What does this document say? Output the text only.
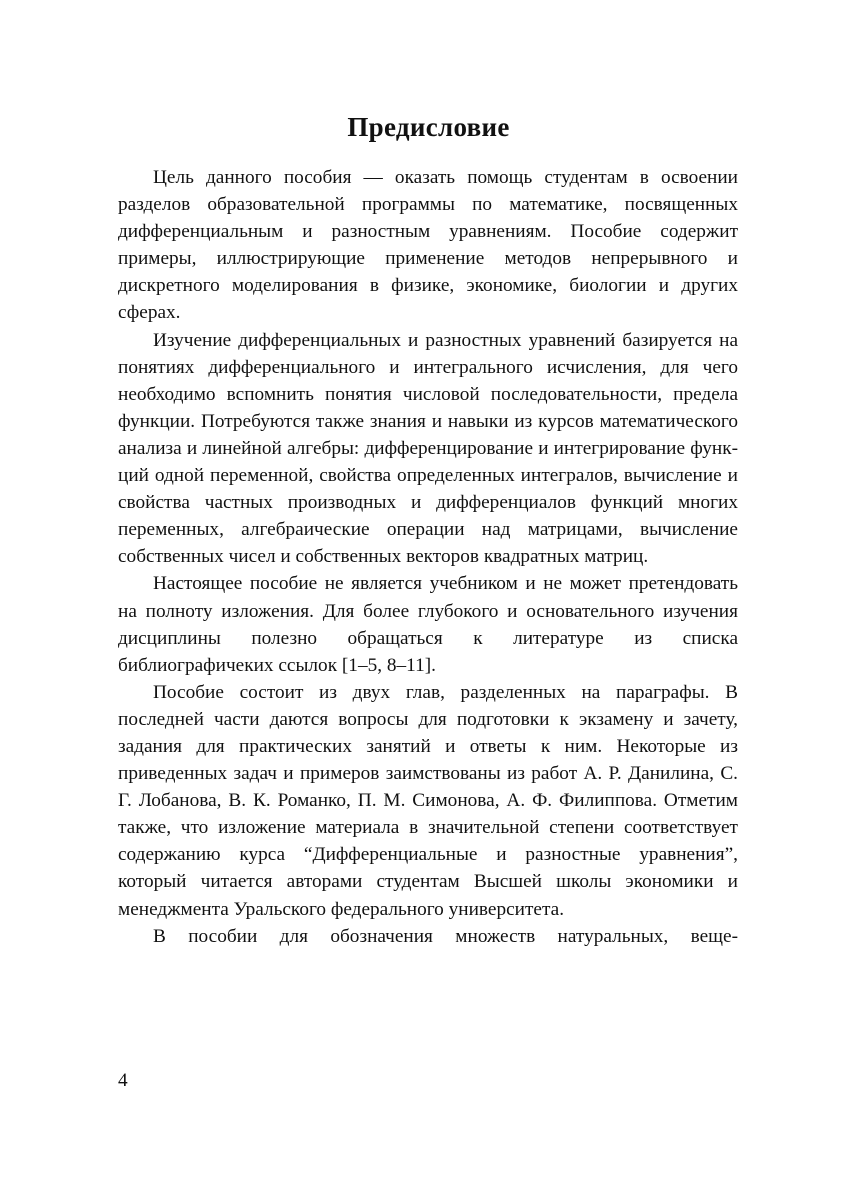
Предисловие

Цель данного пособия — оказать помощь студентам в освоении разделов образовательной программы по математике, посвященных дифференциальным и разностным уравнениям. Пособие содержит примеры, иллюстрирующие применение методов непрерывного и дискретного моделирования в физике, экономике, биологии и других сферах.

Изучение дифференциальных и разностных уравнений базируется на понятиях дифференциального и интегрального исчисления, для чего необходимо вспомнить понятия числовой последовательности, предела функции. Потребуются также знания и навыки из курсов математического анализа и линейной алгебры: дифференцирование и интегрирование функций одной переменной, свойства определенных интегралов, вычисление и свойства частных производных и дифференциалов функций многих переменных, алгебраические операции над матрицами, вычисление собственных чисел и собственных векторов квадратных матриц.

Настоящее пособие не является учебником и не может претендовать на полноту изложения. Для более глубокого и основательного изучения дисциплины полезно обращаться к литературе из списка библиографичеких ссылок [1–5, 8–11].

Пособие состоит из двух глав, разделенных на параграфы. В последней части даются вопросы для подготовки к экзамену и зачету, задания для практических занятий и ответы к ним. Некоторые из приведенных задач и примеров заимствованы из работ А. Р. Данилина, С. Г. Лобанова, В. К. Романко, П. М. Симонова, А. Ф. Филиппова. Отметим также, что изложение материала в значительной степени соответствует содержанию курса “Дифференциальные и разностные уравнения”, который читается авторами студентам Высшей школы экономики и менеджмента Уральского федерального университета.

В пособии для обозначения множеств натуральных, веще-

4
